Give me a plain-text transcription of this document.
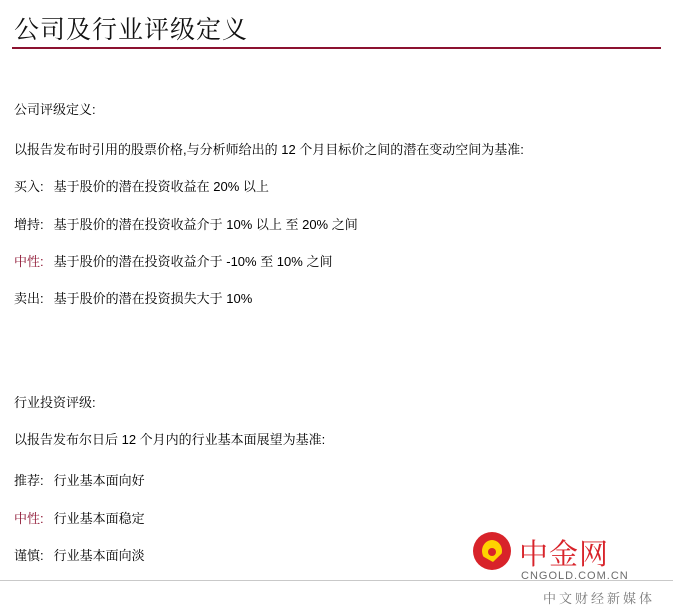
公司及行业评级定义
公司评级定义:
以报告发布时引用的股票价格,与分析师给出的 12 个月目标价之间的潜在变动空间为基准:
买入: 基于股价的潜在投资收益在 20% 以上
增持: 基于股价的潜在投资收益介于 10% 以上 至 20% 之间
中性: 基于股价的潜在投资收益介于 -10% 至 10% 之间
卖出: 基于股价的潜在投资损失大于 10%
行业投资评级:
以报告发布尔日后 12 个月内的行业基本面展望为基准:
推荐: 行业基本面向好
中性: 行业基本面稳定
谨慎: 行业基本面向淡	中金网
CNGOLD.COM.CN
中文财经新媒体
